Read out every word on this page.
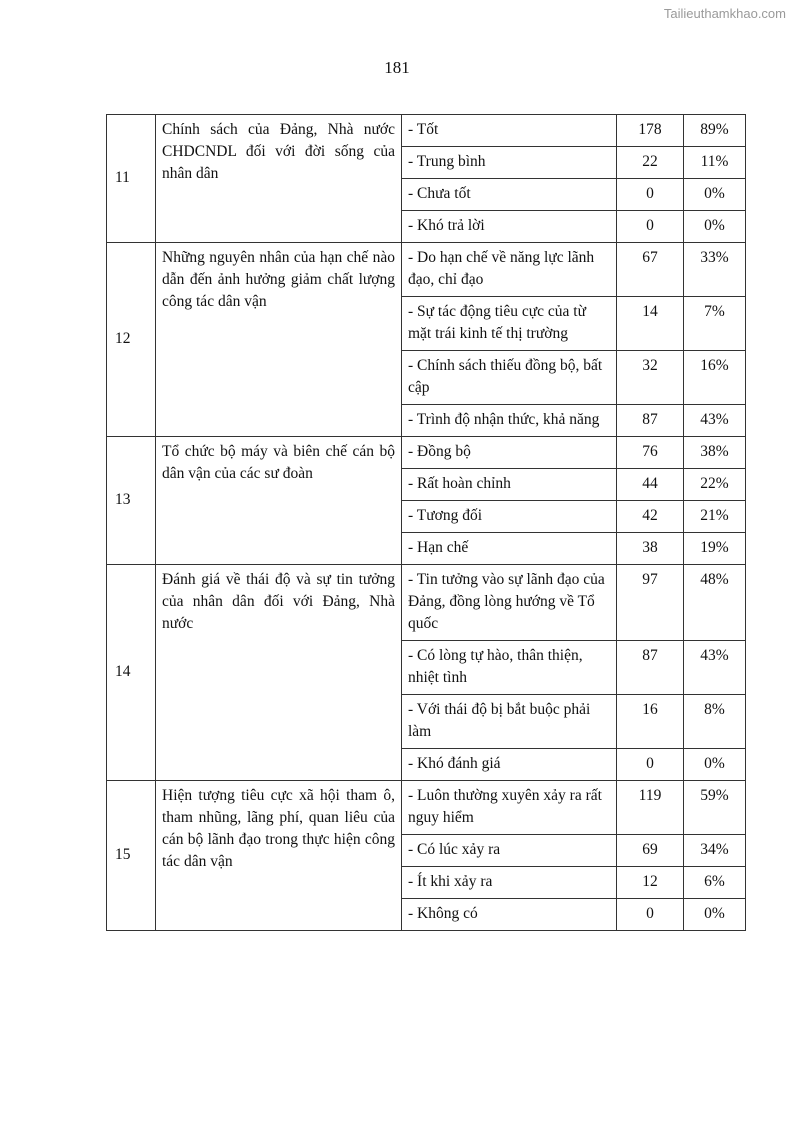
Tailieuthamkhao.com
181
11	Chính sách của Đảng, Nhà nước CHDCNDL đối với đời sống của nhân dân	- Tốt	178	89%
		- Trung bình	22	11%
		- Chưa tốt	0	0%
		- Khó trả lời	0	0%
12	Những nguyên nhân của hạn chế nào dẫn đến ảnh hưởng giảm chất lượng công tác dân vận	- Do hạn chế về năng lực lãnh đạo, chỉ đạo	67	33%
		- Sự tác động tiêu cực của từ mặt trái kinh tế thị trường	14	7%
		- Chính sách thiếu đồng bộ, bất cập	32	16%
		- Trình độ nhận thức, khả năng	87	43%
13	Tổ chức bộ máy và biên chế cán bộ dân vận của các sư đoàn	- Đồng bộ	76	38%
		- Rất hoàn chỉnh	44	22%
		- Tương đối	42	21%
		- Hạn chế	38	19%
14	Đánh giá về thái độ và sự tin tưởng của nhân dân đối với Đảng, Nhà nước	- Tin tưởng vào sự lãnh đạo của Đảng, đồng lòng hướng về Tổ quốc	97	48%
		- Có lòng tự hào, thân thiện, nhiệt tình	87	43%
		- Với thái độ bị bắt buộc phải làm	16	8%
		- Khó đánh giá	0	0%
15	Hiện tượng tiêu cực xã hội tham ô, tham nhũng, lãng phí, quan liêu của cán bộ lãnh đạo trong thực hiện công tác dân vận	- Luôn thường xuyên xảy ra rất nguy hiểm	119	59%
		- Có lúc xảy ra	69	34%
		- Ít khi xảy ra	12	6%
		- Không có	0	0%
